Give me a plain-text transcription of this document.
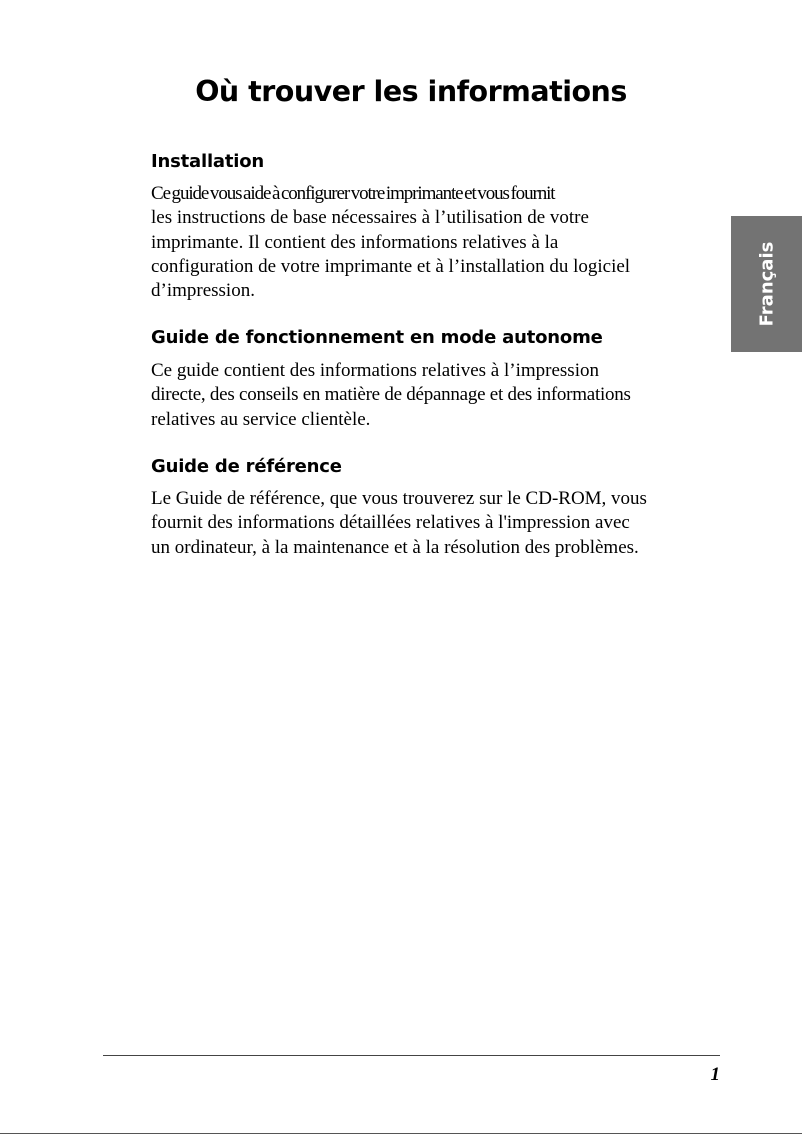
Où trouver les informations
Installation
Ce guide vous aide à configurer votre imprimante et vous fournit
les instructions de base nécessaires à l’utilisation de votre
imprimante. Il contient des informations relatives à la
configuration de votre imprimante et à l’installation du logiciel
d’impression.
Guide de fonctionnement en mode autonome
Ce guide contient des informations relatives à l’impression
directe, des conseils en matière de dépannage et des informations
relatives au service clientèle.
Guide de référence
Le Guide de référence, que vous trouverez sur le CD-ROM, vous
fournit des informations détaillées relatives à l'impression avec
un ordinateur, à la maintenance et à la résolution des problèmes.
Français
1
